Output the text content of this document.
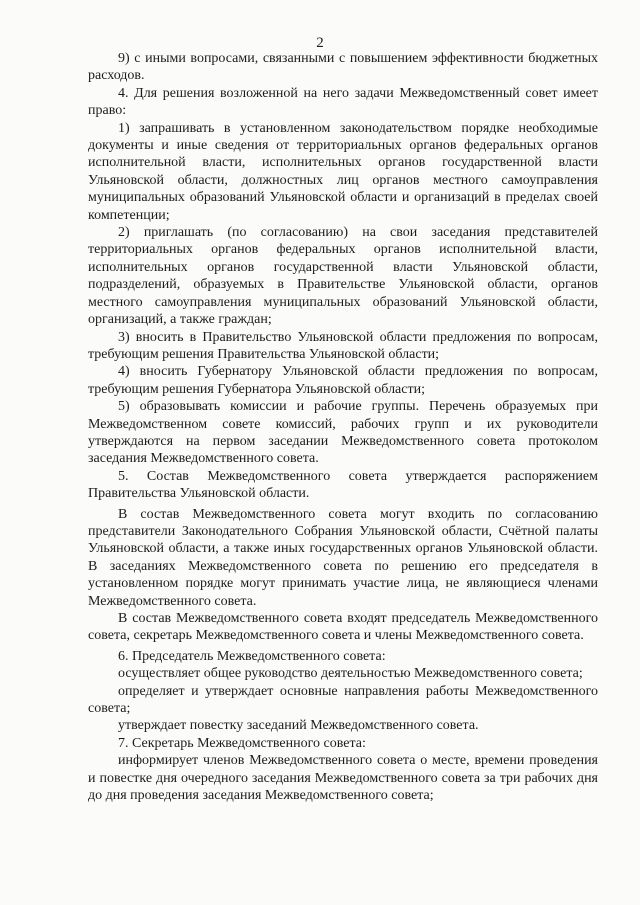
2

9) с иными вопросами, связанными с повышением эффективности бюджетных расходов.

4. Для решения возложенной на него задачи Межведомственный совет имеет право:

1) запрашивать в установленном законодательством порядке необходимые документы и иные сведения от территориальных органов федеральных органов исполнительной власти, исполнительных органов государственной власти Ульяновской области, должностных лиц органов местного самоуправления муниципальных образований Ульяновской области и организаций в пределах своей компетенции;

2) приглашать (по согласованию) на свои заседания представителей территориальных органов федеральных органов исполнительной власти, исполнительных органов государственной власти Ульяновской области, подразделений, образуемых в Правительстве Ульяновской области, органов местного самоуправления муниципальных образований Ульяновской области, организаций, а также граждан;

3) вносить в Правительство Ульяновской области предложения по вопросам, требующим решения Правительства Ульяновской области;

4) вносить Губернатору Ульяновской области предложения по вопросам, требующим решения Губернатора Ульяновской области;

5) образовывать комиссии и рабочие группы. Перечень образуемых при Межведомственном совете комиссий, рабочих групп и их руководители утверждаются на первом заседании Межведомственного совета протоколом заседания Межведомственного совета.

5. Состав Межведомственного совета утверждается распоряжением Правительства Ульяновской области.

В состав Межведомственного совета могут входить по согласованию представители Законодательного Собрания Ульяновской области, Счётной палаты Ульяновской области, а также иных государственных органов Ульяновской области. В заседаниях Межведомственного совета по решению его председателя в установленном порядке могут принимать участие лица, не являющиеся членами Межведомственного совета.

В состав Межведомственного совета входят председатель Межведомственного совета, секретарь Межведомственного совета и члены Межведомственного совета.

6. Председатель Межведомственного совета:

осуществляет общее руководство деятельностью Межведомственного совета;

определяет и утверждает основные направления работы Межведомственного совета;

утверждает повестку заседаний Межведомственного совета.

7. Секретарь Межведомственного совета:

информирует членов Межведомственного совета о месте, времени проведения и повестке дня очередного заседания Межведомственного совета за три рабочих дня до дня проведения заседания Межведомственного совета;
